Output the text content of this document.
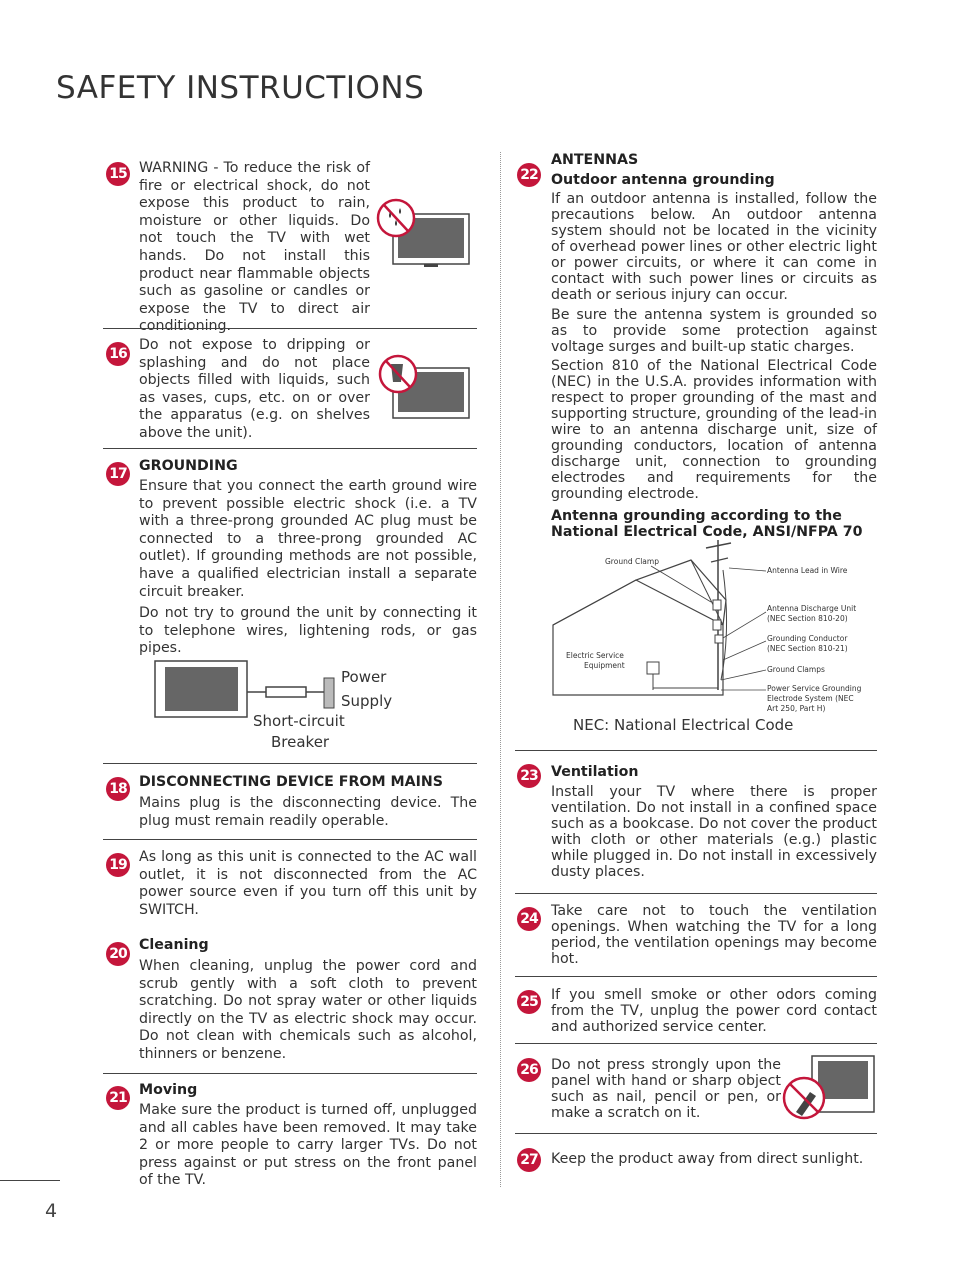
SAFETY INSTRUCTIONS
15 WARNING - To reduce the risk of fire or electrical shock, do not expose this product to rain, moisture or other liquids. Do not touch the TV with wet hands. Do not install this product near flammable objects such as gasoline or candles or expose the TV to direct air conditioning.
16
Do not expose to dripping or splashing and do not place objects filled with liquids, such as vases, cups, etc. on or over the apparatus (e.g. on shelves above the unit).
17 GROUNDING
Ensure that you connect the earth ground wire to prevent possible electric shock (i.e. a TV with a three-prong grounded AC plug must be connected to a three-prong grounded AC outlet). If grounding methods are not possible, have a qualified electrician install a separate circuit breaker.
Do not try to ground the unit by connecting it to telephone wires, lightening rods, or gas pipes.
Power
Supply
Short-circuit
Breaker
18 DISCONNECTING DEVICE FROM MAINS
Mains plug is the disconnecting device. The plug must remain readily operable.
19 As long as this unit is connected to the AC wall outlet, it is not disconnected from the AC power source even if you turn off this unit by SWITCH.
20
Cleaning
When cleaning, unplug the power cord and scrub gently with a soft cloth to prevent scratching. Do not spray water or other liquids directly on the TV as electric shock may occur. Do not clean with chemicals such as alcohol, thinners or benzene.
21 Moving
Make sure the product is turned off, unplugged and all cables have been removed. It may take 2 or more people to carry larger TVs. Do not press against or put stress on the front panel of the TV.
22
ANTENNAS
Outdoor antenna grounding
If an outdoor antenna is installed, follow the precautions below. An outdoor antenna system should not be located in the vicinity of overhead power lines or other electric light or power circuits, or where it can come in contact with such power lines or circuits as death or serious injury can occur.
Be sure the antenna system is grounded so as to provide some protection against voltage surges and built-up static charges.
Section 810 of the National Electrical Code (NEC) in the U.S.A. provides information with respect to proper grounding of the mast and supporting structure, grounding of the lead-in wire to an antenna discharge unit, size of grounding conductors, location of antenna discharge unit, connection to grounding electrodes and requirements for the grounding electrode.
Antenna grounding according to the
National Electrical Code, ANSI/NFPA 70
Ground Clamp
Antenna Lead in Wire
Antenna Discharge Unit
(NEC Section 810-20)
Grounding Conductor
(NEC Section 810-21)
Ground Clamps
Electric Service
Equipment
Power Service Grounding
Electrode System (NEC
Art 250, Part H)
NEC: National Electrical Code
23 Ventilation
Install your TV where there is proper ventilation. Do not install in a confined space such as a bookcase. Do not cover the product with cloth or other materials (e.g.) plastic while plugged in. Do not install in excessively dusty places.
24 Take care not to touch the ventilation openings. When watching the TV for a long period, the ventilation openings may become hot.
25 If you smell smoke or other odors coming from the TV, unplug the power cord contact and authorized service center.
26 Do not press strongly upon the panel with hand or sharp object such as nail, pencil or pen, or make a scratch on it.
27 Keep the product away from direct sunlight.
4
